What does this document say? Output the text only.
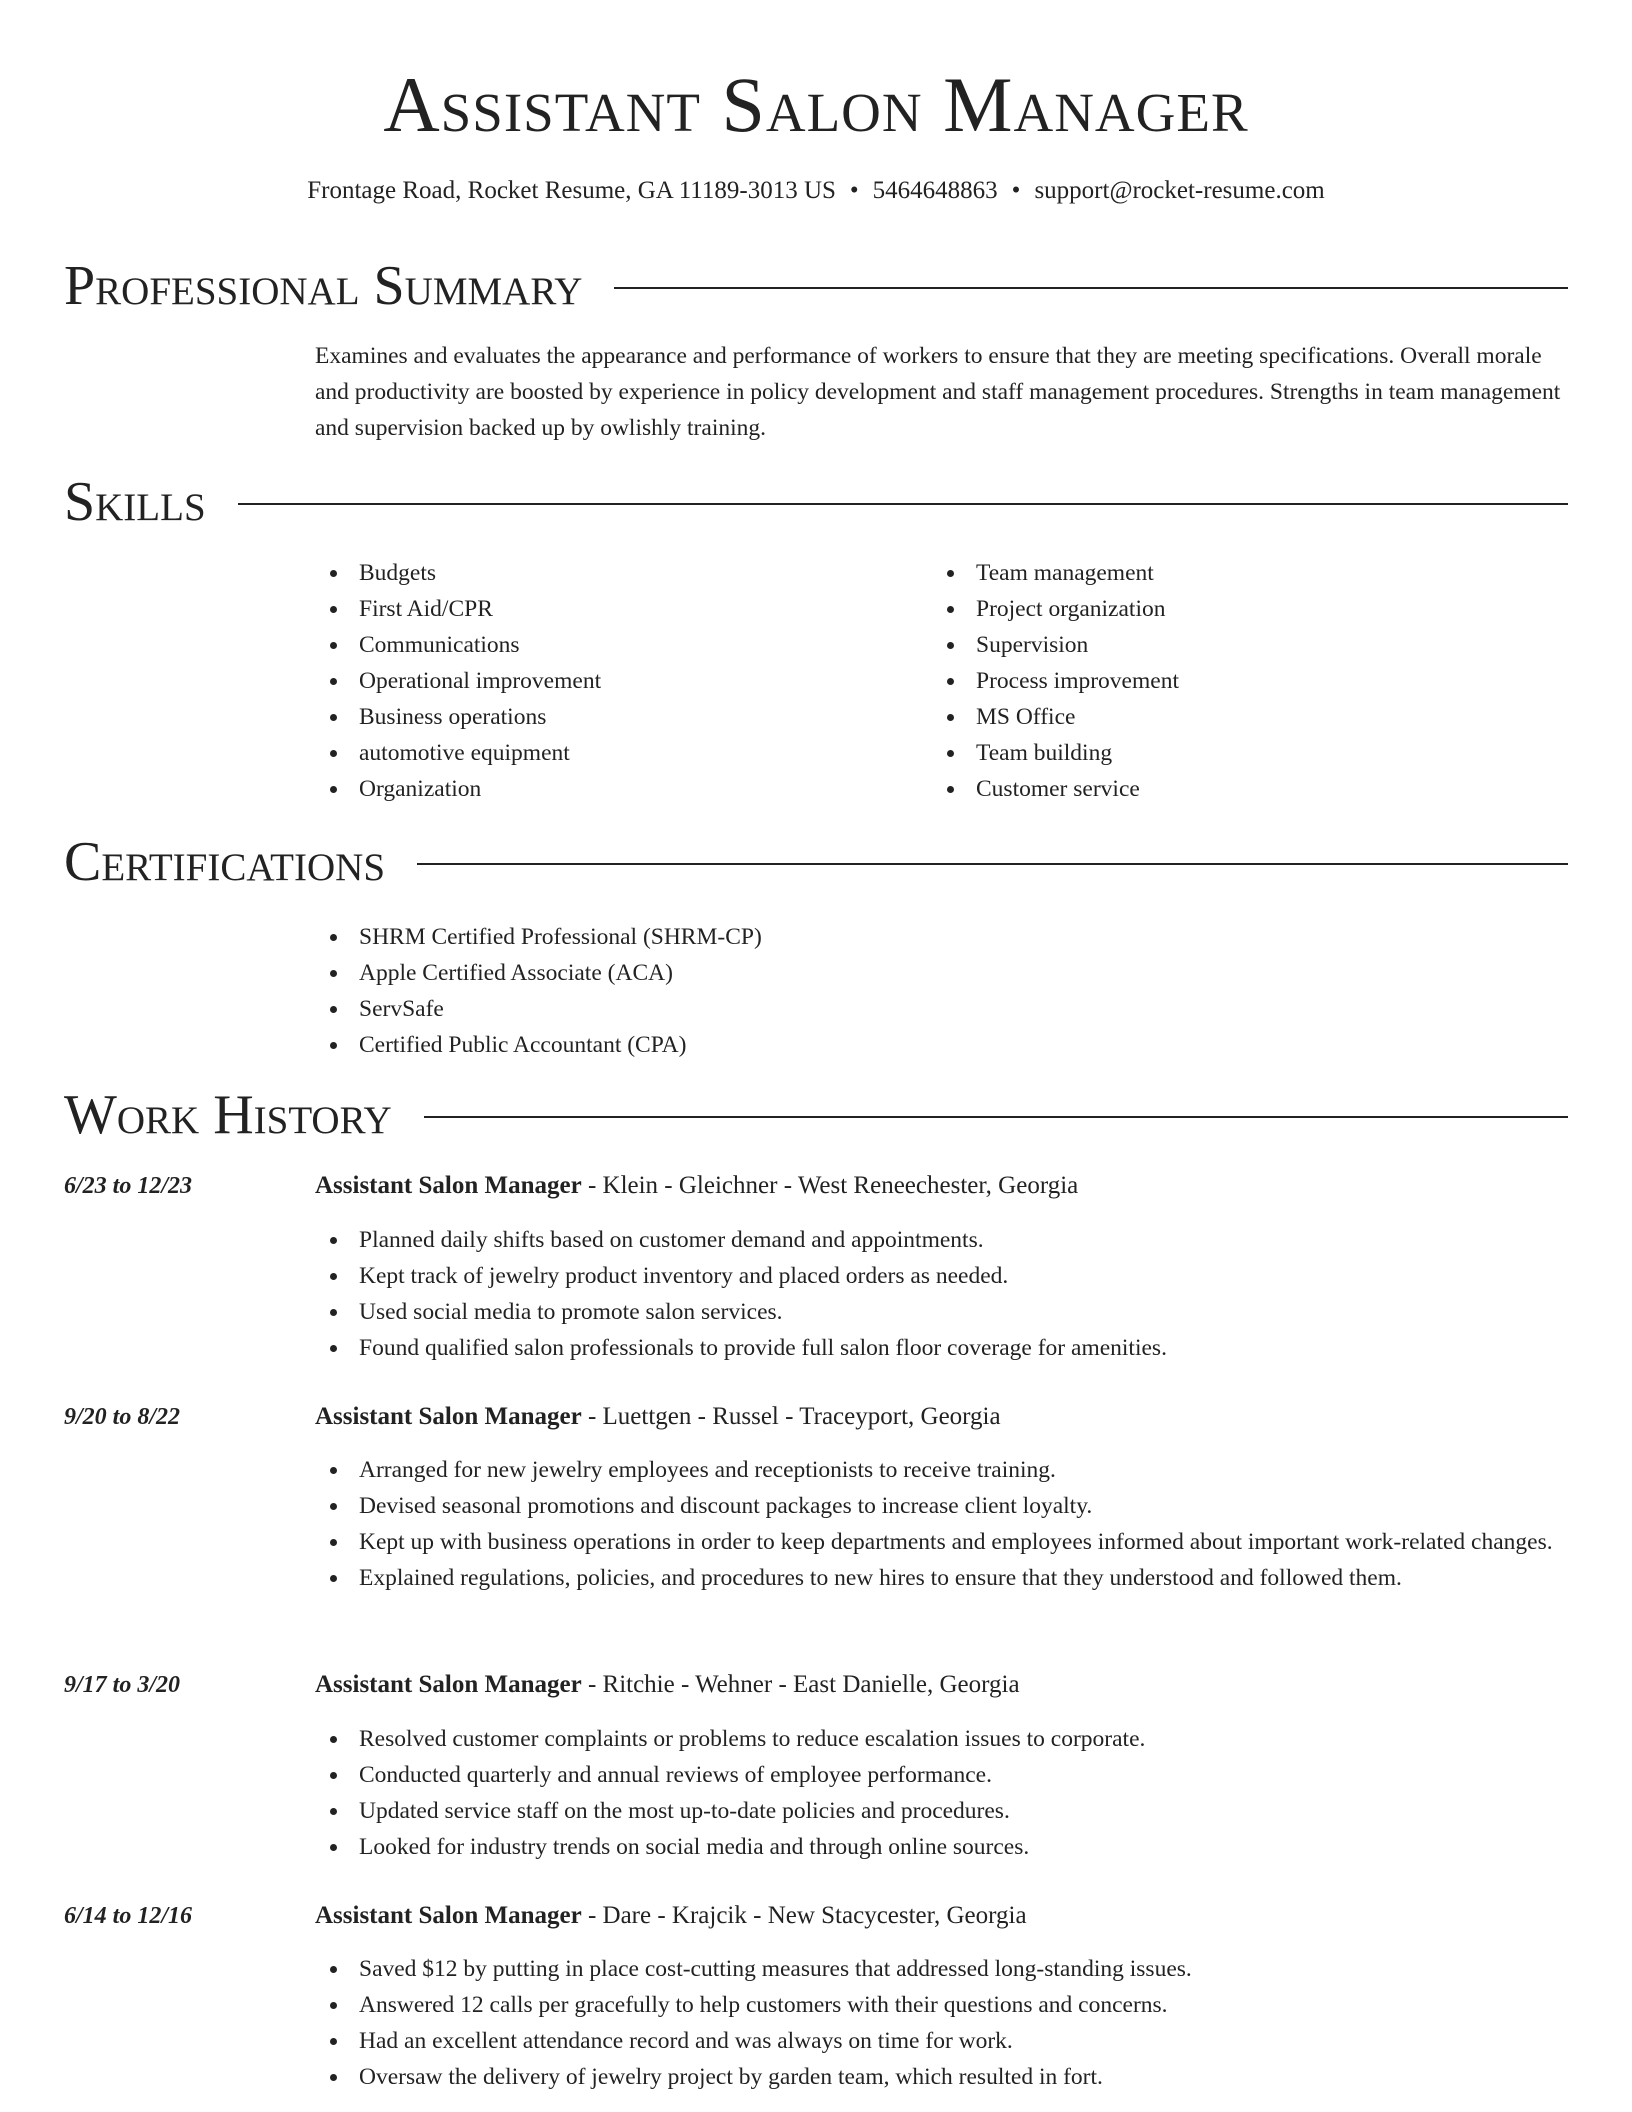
Assistant Salon Manager
Frontage Road, Rocket Resume, GA 11189-3013 US • 5464648863 • support@rocket-resume.com
Professional Summary
Examines and evaluates the appearance and performance of workers to ensure that they are meeting specifications. Overall morale and productivity are boosted by experience in policy development and staff management procedures. Strengths in team management and supervision backed up by owlishly training.
Skills
Budgets
First Aid/CPR
Communications
Operational improvement
Business operations
automotive equipment
Organization
Team management
Project organization
Supervision
Process improvement
MS Office
Team building
Customer service
Certifications
SHRM Certified Professional (SHRM-CP)
Apple Certified Associate (ACA)
ServSafe
Certified Public Accountant (CPA)
Work History
6/23 to 12/23	Assistant Salon Manager - Klein - Gleichner - West Reneechester, Georgia
Planned daily shifts based on customer demand and appointments.
Kept track of jewelry product inventory and placed orders as needed.
Used social media to promote salon services.
Found qualified salon professionals to provide full salon floor coverage for amenities.
9/20 to 8/22	Assistant Salon Manager - Luettgen - Russel - Traceyport, Georgia
Arranged for new jewelry employees and receptionists to receive training.
Devised seasonal promotions and discount packages to increase client loyalty.
Kept up with business operations in order to keep departments and employees informed about important work-related changes.
Explained regulations, policies, and procedures to new hires to ensure that they understood and followed them.
9/17 to 3/20	Assistant Salon Manager - Ritchie - Wehner - East Danielle, Georgia
Resolved customer complaints or problems to reduce escalation issues to corporate.
Conducted quarterly and annual reviews of employee performance.
Updated service staff on the most up-to-date policies and procedures.
Looked for industry trends on social media and through online sources.
6/14 to 12/16	Assistant Salon Manager - Dare - Krajcik - New Stacycester, Georgia
Saved $12 by putting in place cost-cutting measures that addressed long-standing issues.
Answered 12 calls per gracefully to help customers with their questions and concerns.
Had an excellent attendance record and was always on time for work.
Oversaw the delivery of jewelry project by garden team, which resulted in fort.
